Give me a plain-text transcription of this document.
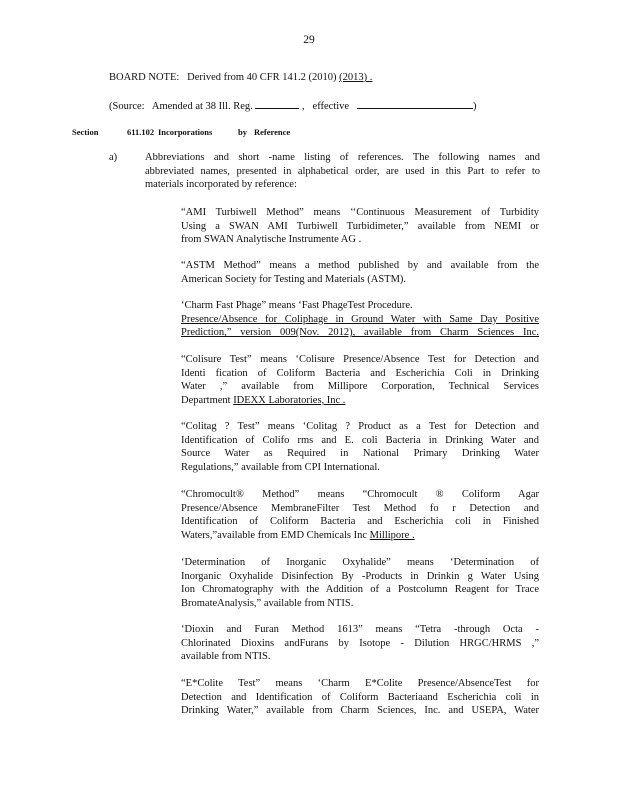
29
BOARD NOTE: Derived from 40 CFR 141.2 (2010) (2013) .
(Source: Amended at 38 Ill. Reg.	,   effective	)
Section	611.102 Incorporations	by Reference
a)	Abbreviations and short -name listing of references. The following names and

abbreviated names, presented in alphabetical order, are used in this Part to refer to

materials incorporated by reference:

“AMI Turbiwell Method” means ‘‘Continuous Measurement of Turbidity

Using a SWAN AMI Turbiwell Turbidimeter,” available from NEMI or

from SWAN Analytische Instrumente AG .

“ASTM Method” means a method published by and available from the

American Society for Testing and Materials (ASTM).

‘Charm Fast Phage” means ‘Fast PhageTest Procedure.

Presence/Absence for Coliphage in Ground Water with Same Day Positive

Prediction,” version 009(Nov. 2012), available from Charm Sciences Inc.

“Colisure Test” means ‘Colisure Presence/Absence Test for Detection and

Identi fication of Coliform Bacteria and Escherichia Coli in Drinking

Water ,” available from Millipore Corporation, Technical Services

Department IDEXX Laboratories, Inc .

“Colitag ? Test” means ‘Colitag ? Product as a Test for Detection and

Identification of Colifo rms and E. coli Bacteria in Drinking Water and

Source Water as Required in National Primary Drinking Water

Regulations,” available from CPI International.

“Chromocult® Method” means “Chromocult ® Coliform Agar

Presence/Absence MembraneFilter Test Method fo r Detection and

Identification of Coliform Bacteria and Escherichia coli in Finished

Waters,”available from EMD Chemicals Inc Millipore .

‘Determination of Inorganic Oxyhalide” means ‘Determination of

Inorganic Oxyhalide Disinfection By -Products in Drinkin g Water Using

Ion Chromatography with the Addition of a Postcolumn Reagent for Trace

BromateAnalysis,” available from NTIS.

‘Dioxin and Furan Method 1613” means “Tetra -through Octa -

Chlorinated Dioxins andFurans by Isotope - Dilution HRGC/HRMS ,”

available from NTIS.

“E*Colite Test” means ‘Charm E*Colite Presence/AbsenceTest for

Detection and Identification of Coliform Bacteriaand Escherichia coli in

Drinking Water,” available from Charm Sciences, Inc. and USEPA, Water
